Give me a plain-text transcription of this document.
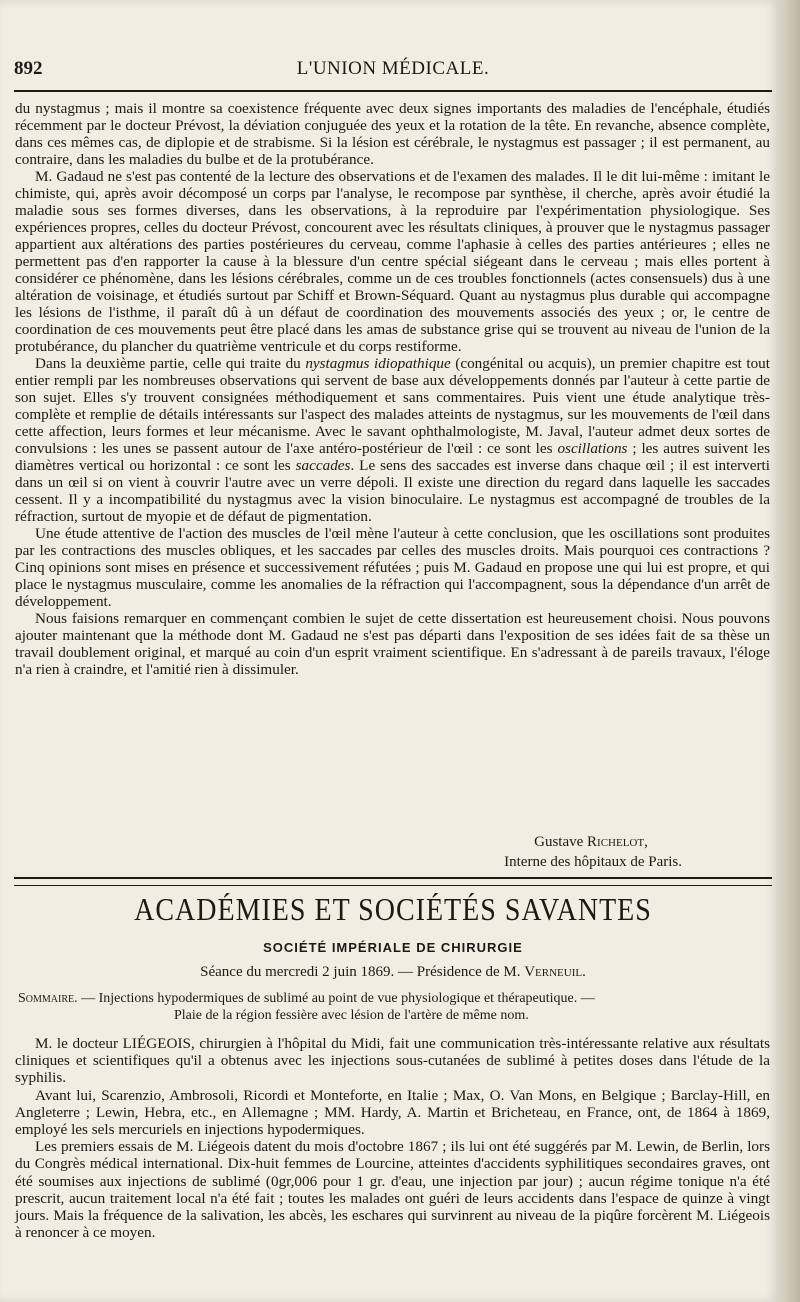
892	L'UNION MÉDICALE.

du nystagmus ; mais il montre sa coexistence fréquente avec deux signes importants des maladies de l'encéphale, étudiés récemment par le docteur Prévost, la déviation conjuguée des yeux et la rotation de la tête. En revanche, absence complète, dans ces mêmes cas, de diplopie et de strabisme. Si la lésion est cérébrale, le nystagmus est passager ; il est permanent, au contraire, dans les maladies du bulbe et de la protubérance.

M. Gadaud ne s'est pas contenté de la lecture des observations et de l'examen des malades. Il le dit lui-même : imitant le chimiste, qui, après avoir décomposé un corps par l'analyse, le recompose par synthèse, il cherche, après avoir étudié la maladie sous ses formes diverses, dans les observations, à la reproduire par l'expérimentation physiologique. Ses expériences propres, celles du docteur Prévost, concourent avec les résultats cliniques, à prouver que le nystagmus passager appartient aux altérations des parties postérieures du cerveau, comme l'aphasie à celles des parties antérieures ; elles ne permettent pas d'en rapporter la cause à la blessure d'un centre spécial siégeant dans le cerveau ; mais elles portent à considérer ce phénomène, dans les lésions cérébrales, comme un de ces troubles fonctionnels (actes consensuels) dus à une altération de voisinage, et étudiés surtout par Schiff et Brown-Séquard. Quant au nystagmus plus durable qui accompagne les lésions de l'isthme, il paraît dû à un défaut de coordination des mouvements associés des yeux ; or, le centre de coordination de ces mouvements peut être placé dans les amas de substance grise qui se trouvent au niveau de l'union de la protubérance, du plancher du quatrième ventricule et du corps restiforme.

Dans la deuxième partie, celle qui traite du nystagmus idiopathique (congénital ou acquis), un premier chapitre est tout entier rempli par les nombreuses observations qui servent de base aux développements donnés par l'auteur à cette partie de son sujet. Elles s'y trouvent consignées méthodiquement et sans commentaires. Puis vient une étude analytique très-complète et remplie de détails intéressants sur l'aspect des malades atteints de nystagmus, sur les mouvements de l'œil dans cette affection, leurs formes et leur mécanisme. Avec le savant ophthalmologiste, M. Javal, l'auteur admet deux sortes de convulsions : les unes se passent autour de l'axe antéro-postérieur de l'œil : ce sont les oscillations ; les autres suivent les diamètres vertical ou horizontal : ce sont les saccades. Le sens des saccades est inverse dans chaque œil ; il est interverti dans un œil si on vient à couvrir l'autre avec un verre dépoli. Il existe une direction du regard dans laquelle les saccades cessent. Il y a incompatibilité du nystagmus avec la vision binoculaire. Le nystagmus est accompagné de troubles de la réfraction, surtout de myopie et de défaut de pigmentation.

Une étude attentive de l'action des muscles de l'œil mène l'auteur à cette conclusion, que les oscillations sont produites par les contractions des muscles obliques, et les saccades par celles des muscles droits. Mais pourquoi ces contractions ? Cinq opinions sont mises en présence et successivement réfutées ; puis M. Gadaud en propose une qui lui est propre, et qui place le nystagmus musculaire, comme les anomalies de la réfraction qui l'accompagnent, sous la dépendance d'un arrêt de développement.

Nous faisions remarquer en commençant combien le sujet de cette dissertation est heureusement choisi. Nous pouvons ajouter maintenant que la méthode dont M. Gadaud ne s'est pas départi dans l'exposition de ses idées fait de sa thèse un travail doublement original, et marqué au coin d'un esprit vraiment scientifique. En s'adressant à de pareils travaux, l'éloge n'a rien à craindre, et l'amitié rien à dissimuler.

Gustave Richelot,
Interne des hôpitaux de Paris.
ACADÉMIES ET SOCIÉTÉS SAVANTES
SOCIÉTÉ IMPÉRIALE DE CHIRURGIE
Séance du mercredi 2 juin 1869. — Présidence de M. Verneuil.
Sommaire. — Injections hypodermiques de sublimé au point de vue physiologique et thérapeutique. —
Plaie de la région fessière avec lésion de l'artère de même nom.

M. le docteur LIÉGEOIS, chirurgien à l'hôpital du Midi, fait une communication très-intéressante relative aux résultats cliniques et scientifiques qu'il a obtenus avec les injections sous-cutanées de sublimé à petites doses dans l'étude de la syphilis.

Avant lui, Scarenzio, Ambrosoli, Ricordi et Monteforte, en Italie ; Max, O. Van Mons, en Belgique ; Barclay-Hill, en Angleterre ; Lewin, Hebra, etc., en Allemagne ; MM. Hardy, A. Martin et Bricheteau, en France, ont, de 1864 à 1869, employé les sels mercuriels en injections hypodermiques.

Les premiers essais de M. Liégeois datent du mois d'octobre 1867 ; ils lui ont été suggérés par M. Lewin, de Berlin, lors du Congrès médical international. Dix-huit femmes de Lourcine, atteintes d'accidents syphilitiques secondaires graves, ont été soumises aux injections de sublimé (0gr,006 pour 1 gr. d'eau, une injection par jour) ; aucun régime tonique n'a été prescrit, aucun traitement local n'a été fait ; toutes les malades ont guéri de leurs accidents dans l'espace de quinze à vingt jours. Mais la fréquence de la salivation, les abcès, les eschares qui survinrent au niveau de la piqûre forcèrent M. Liégeois à renoncer à ce moyen.
